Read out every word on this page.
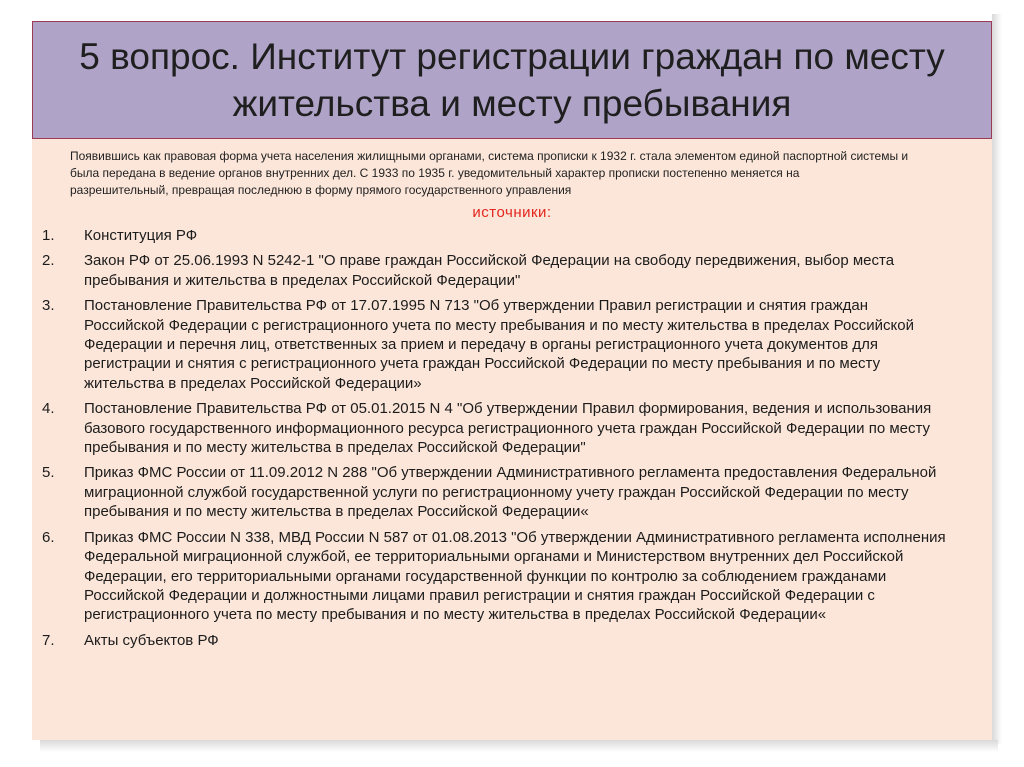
5 вопрос. Институт регистрации граждан по месту
жительства и месту пребывания
Появившись как правовая форма учета населения жилищными органами, система прописки к 1932 г. стала элементом единой паспортной системы и
была передана в ведение органов внутренних дел. С 1933 по 1935 г. уведомительный характер прописки постепенно меняется на
разрешительный, превращая последнюю в форму прямого государственного управления
источники:
1. Конституция РФ
2. Закон РФ от 25.06.1993 N 5242-1 "О праве граждан Российской Федерации на свободу передвижения, выбор места
пребывания и жительства в пределах Российской Федерации"
3. Постановление Правительства РФ от 17.07.1995 N 713 "Об утверждении Правил регистрации и снятия граждан
Российской Федерации с регистрационного учета по месту пребывания и по месту жительства в пределах Российской
Федерации и перечня лиц, ответственных за прием и передачу в органы регистрационного учета документов для
регистрации и снятия с регистрационного учета граждан Российской Федерации по месту пребывания и по месту
жительства в пределах Российской Федерации»
4. Постановление Правительства РФ от 05.01.2015 N 4 "Об утверждении Правил формирования, ведения и использования
базового государственного информационного ресурса регистрационного учета граждан Российской Федерации по месту
пребывания и по месту жительства в пределах Российской Федерации"
5. Приказ ФМС России от 11.09.2012 N 288 "Об утверждении Административного регламента предоставления Федеральной
миграционной службой государственной услуги по регистрационному учету граждан Российской Федерации по месту
пребывания и по месту жительства в пределах Российской Федерации«
6. Приказ ФМС России N 338, МВД России N 587 от 01.08.2013 "Об утверждении Административного регламента исполнения
Федеральной миграционной службой, ее территориальными органами и Министерством внутренних дел Российской
Федерации, его территориальными органами государственной функции по контролю за соблюдением гражданами
Российской Федерации и должностными лицами правил регистрации и снятия граждан Российской Федерации с
регистрационного учета по месту пребывания и по месту жительства в пределах Российской Федерации«
7. Акты субъектов РФ
